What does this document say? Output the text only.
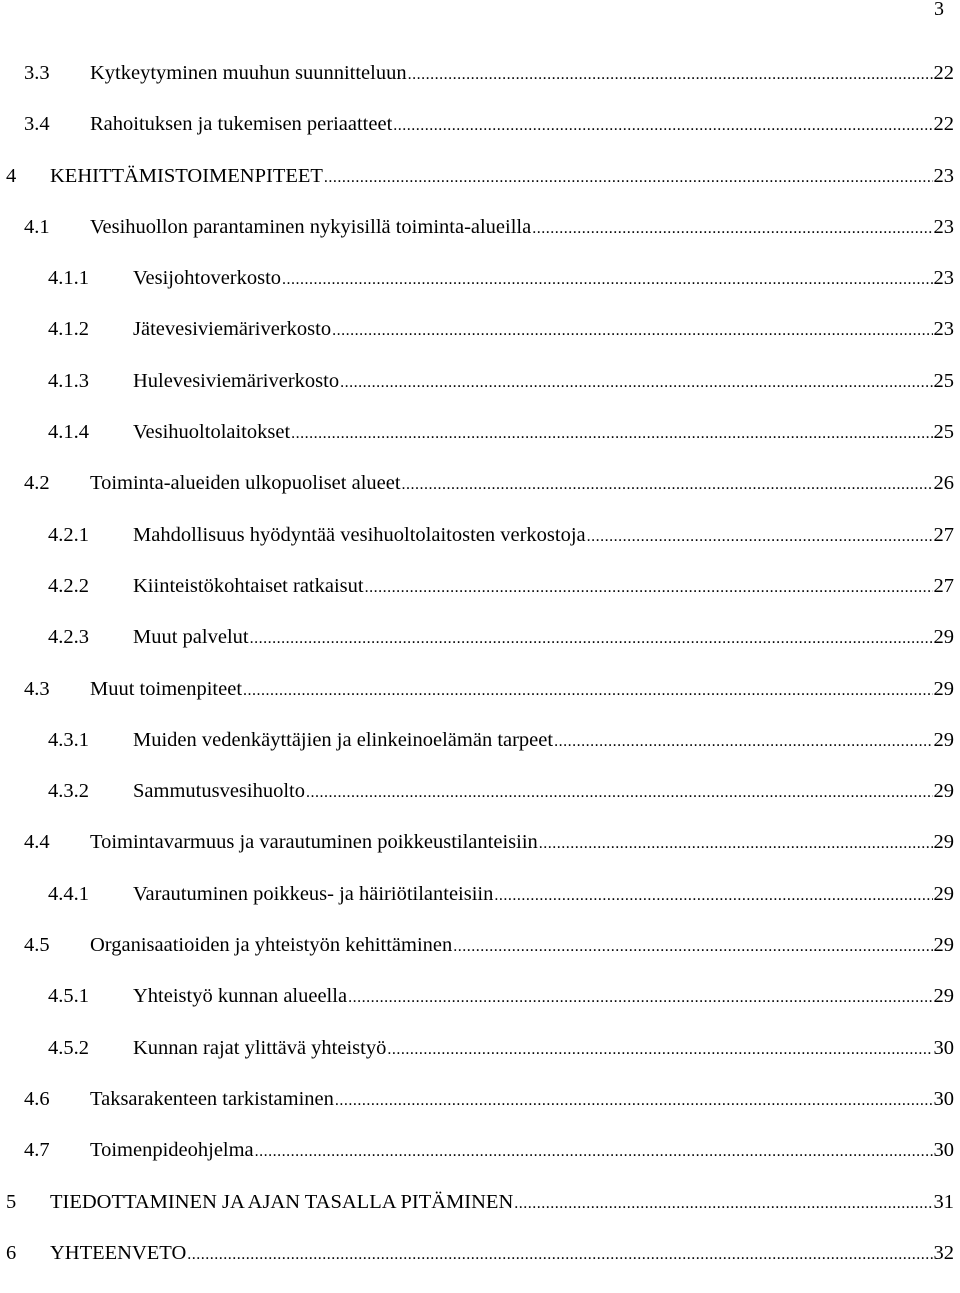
3
3.3	Kytkeytyminen muuhun suunnitteluun .....	22
3.4	Rahoituksen ja tukemisen periaatteet .....	22
4	KEHITTÄMISTOIMENPITEET .....	23
4.1	Vesihuollon parantaminen nykyisillä toiminta-alueilla .....	23
4.1.1	Vesijohtoverkosto .....	23
4.1.2	Jätevesiviemäriverkosto .....	23
4.1.3	Hulevesiviemäriverkosto .....	25
4.1.4	Vesihuoltolaitokset .....	25
4.2	Toiminta-alueiden ulkopuoliset alueet .....	26
4.2.1	Mahdollisuus hyödyntää vesihuoltolaitosten verkostoja .....	27
4.2.2	Kiinteistökohtaiset ratkaisut .....	27
4.2.3	Muut palvelut .....	29
4.3	Muut toimenpiteet .....	29
4.3.1	Muiden vedenkäyttäjien ja elinkeinoelämän tarpeet .....	29
4.3.2	Sammutusvesihuolto .....	29
4.4	Toimintavarmuus ja varautuminen poikkeustilanteisiin .....	29
4.4.1	Varautuminen poikkeus- ja häiriötilanteisiin .....	29
4.5	Organisaatioiden ja yhteistyön kehittäminen .....	29
4.5.1	Yhteistyö kunnan alueella .....	29
4.5.2	Kunnan rajat ylittävä yhteistyö .....	30
4.6	Taksarakenteen tarkistaminen .....	30
4.7	Toimenpideohjelma .....	30
5	TIEDOTTAMINEN JA AJAN TASALLA PITÄMINEN .....	31
6	YHTEENVETO .....	32
